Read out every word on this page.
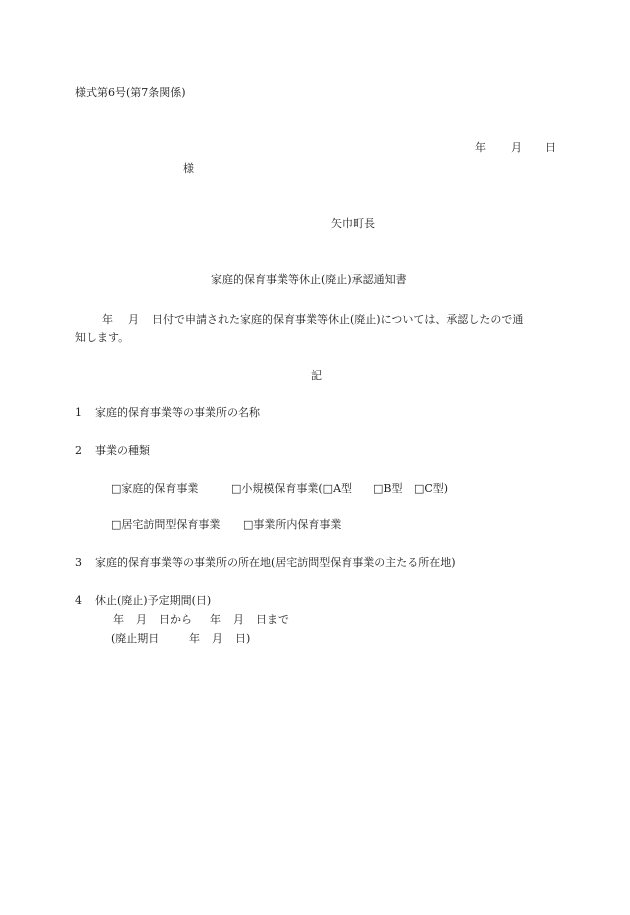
様式第6号(第7条関係)
年 月 日
様
矢巾町長
家庭的保育事業等休止(廃止)承認通知書
年 月 日付で申請された家庭的保育事業等休止(廃止)については、承認したので通
知します。
記
1 家庭的保育事業等の事業所の名称
2 事業の種類
□家庭的保育事業	□小規模保育事業(□A型 □B型 □C型)
□居宅訪問型保育事業 □事業所内保育事業
3 家庭的保育事業等の事業所の所在地(居宅訪問型保育事業の主たる所在地)
4 休止(廃止)予定期間(日)
年 月 日から 年 月 日まで
(廃止期日	年 月 日)
